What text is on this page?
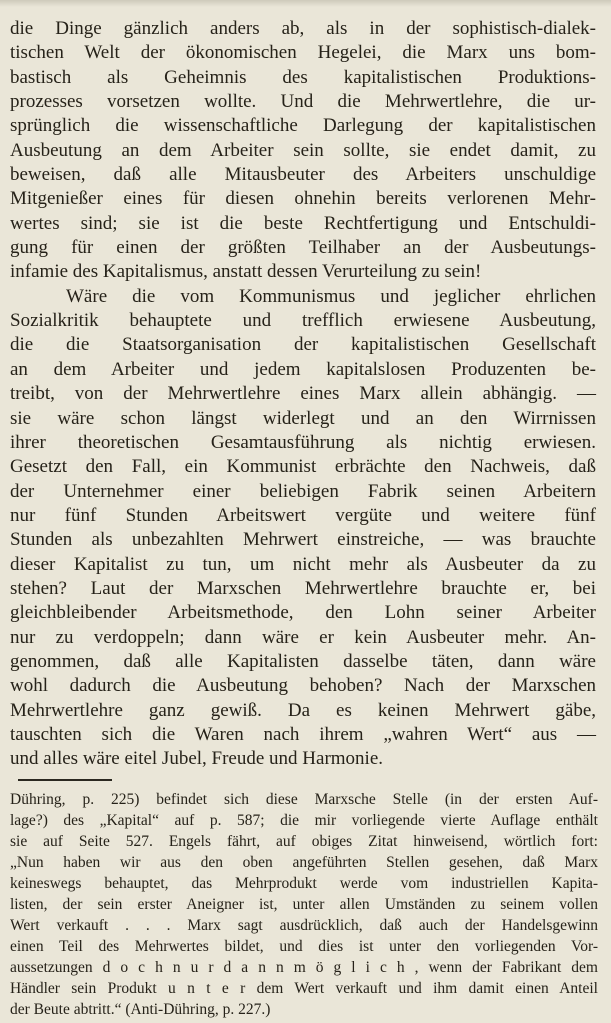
die Dinge gänzlich anders ab, als in der sophistisch-dialek-
tischen Welt der ökonomischen Hegelei, die Marx uns bom-
bastisch als Geheimnis des kapitalistischen Produktions-
prozesses vorsetzen wollte. Und die Mehrwertlehre, die ur-
sprünglich die wissenschaftliche Darlegung der kapitalistischen
Ausbeutung an dem Arbeiter sein sollte, sie endet damit, zu
beweisen, daß alle Mitausbeuter des Arbeiters unschuldige
Mitgenießer eines für diesen ohnehin bereits verlorenen Mehr-
wertes sind; sie ist die beste Rechtfertigung und Entschuldi-
gung für einen der größten Teilhaber an der Ausbeutungs-
infamie des Kapitalismus, anstatt dessen Verurteilung zu sein!
Wäre die vom Kommunismus und jeglicher ehrlichen
Sozialkritik behauptete und trefflich erwiesene Ausbeutung,
die die Staatsorganisation der kapitalistischen Gesellschaft
an dem Arbeiter und jedem kapitalslosen Produzenten be-
treibt, von der Mehrwertlehre eines Marx allein abhängig. —
sie wäre schon längst widerlegt und an den Wirrnissen
ihrer theoretischen Gesamtausführung als nichtig erwiesen.
Gesetzt den Fall, ein Kommunist erbrächte den Nachweis, daß
der Unternehmer einer beliebigen Fabrik seinen Arbeitern
nur fünf Stunden Arbeitswert vergüte und weitere fünf
Stunden als unbezahlten Mehrwert einstreiche, — was brauchte
dieser Kapitalist zu tun, um nicht mehr als Ausbeuter da zu
stehen? Laut der Marxschen Mehrwertlehre brauchte er, bei
gleichbleibender Arbeitsmethode, den Lohn seiner Arbeiter
nur zu verdoppeln; dann wäre er kein Ausbeuter mehr. An-
genommen, daß alle Kapitalisten dasselbe täten, dann wäre
wohl dadurch die Ausbeutung behoben? Nach der Marxschen
Mehrwertlehre ganz gewiß. Da es keinen Mehrwert gäbe,
tauschten sich die Waren nach ihrem „wahren Wert“ aus —
und alles wäre eitel Jubel, Freude und Harmonie.
Dühring, p. 225) befindet sich diese Marxsche Stelle (in der ersten Auf-
lage?) des „Kapital“ auf p. 587; die mir vorliegende vierte Auflage enthält
sie auf Seite 527. Engels fährt, auf obiges Zitat hinweisend, wörtlich fort:
„Nun haben wir aus den oben angeführten Stellen gesehen, daß Marx
keineswegs behauptet, das Mehrprodukt werde vom industriellen Kapita-
listen, der sein erster Aneigner ist, unter allen Umständen zu seinem vollen
Wert verkauft . . . Marx sagt ausdrücklich, daß auch der Handelsgewinn
einen Teil des Mehrwertes bildet, und dies ist unter den vorliegenden Vor-
aussetzungen d o c h n u r d a n n m ö g l i c h , wenn der Fabrikant dem
Händler sein Produkt u n t e r dem Wert verkauft und ihm damit einen Anteil
der Beute abtritt.“ (Anti-Dühring, p. 227.)
